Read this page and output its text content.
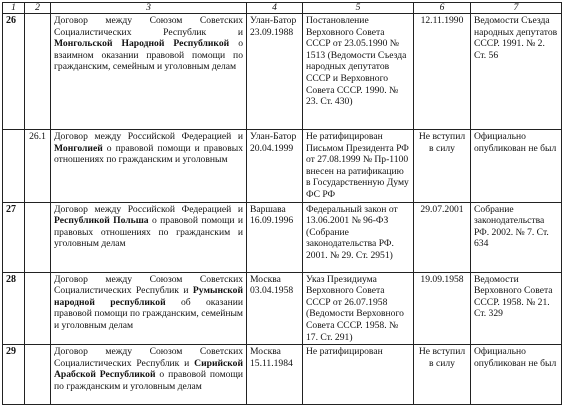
1	2	3	4	5	6	7
26		Договор между Союзом Советских Социалистических Республик и Монгольской Народной Республикой о взаимном оказании правовой помощи по гражданским, семейным и уголовным делам	Улан-Батор 23.09.1988	Постановление Верховного Совета СССР от 23.05.1990 № 1513 (Ведомости Съезда народных депутатов СССР и Верховного Совета СССР. 1990. № 23. Ст. 430)	12.11.1990	Ведомости Съезда народных депутатов СССР. 1991. № 2. Ст. 56
	26.1	Договор между Российской Федерацией и Монголией о правовой помощи и правовых отношениях по гражданским и уголовным	Улан-Батор 20.04.1999	Не ратифицирован Письмом Президента РФ от 27.08.1999 № Пр-1100 внесен на ратификацию в Государственную Думу ФС РФ	Не вступил в силу	Официально опубликован не был
27		Договор между Российской Федерацией и Республикой Польша о правовой помощи и правовых отношениях по гражданским и уголовным делам	Варшава 16.09.1996	Федеральный закон от 13.06.2001 № 96-ФЗ (Собрание законодательства РФ. 2001. № 29. Ст. 2951)	29.07.2001	Собрание законодательства РФ. 2002. № 7. Ст. 634
28		Договор между Союзом Советских Социалистических Республик и Румынской народной республикой об оказании правовой помощи по гражданским, семейным и уголовным делам	Москва 03.04.1958	Указ Президиума Верховного Совета СССР от 26.07.1958 (Ведомости Верховного Совета СССР. 1958. № 17. Ст. 291)	19.09.1958	Ведомости Верховного Совета СССР. 1958. № 21. Ст. 329
29		Договор между Союзом Советских Социалистических Республик и Сирийской Арабской Республикой о правовой помощи по гражданским и уголовным делам	Москва 15.11.1984	Не ратифицирован	Не вступил в силу	Официально опубликован не был
